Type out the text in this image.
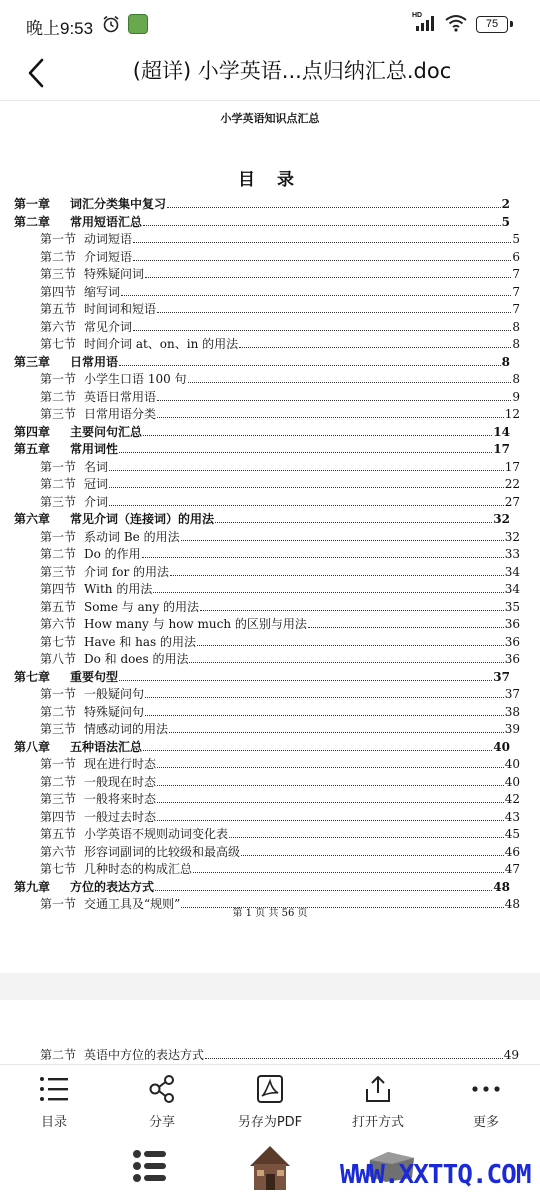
晚上9:53
HD
75
(超详) 小学英语...点归纳汇总.doc
小学英语知识点汇总
目 录
第一章 词汇分类集中复习	2
第二章 常用短语汇总	5
第一节 动词短语	5
第二节 介词短语	6
第三节 特殊疑问词	7
第四节 缩写词	7
第五节 时间词和短语	7
第六节 常见介词	8
第七节 时间介词 at、on、in 的用法	8
第三章 日常用语	8
第一节 小学生口语 100 句	8
第二节 英语日常用语	9
第三节 日常用语分类	12
第四章 主要问句汇总	14
第五章 常用词性	17
第一节 名词	17
第二节 冠词	22
第三节 介词	27
第六章 常见介词（连接词）的用法	32
第一节 系动词 Be 的用法	32
第二节 Do 的作用	33
第三节 介词 for 的用法	34
第四节 With 的用法	34
第五节 Some 与 any 的用法	35
第六节 How many 与 how much 的区别与用法	36
第七节 Have 和 has 的用法	36
第八节 Do 和 does 的用法	36
第七章 重要句型	37
第一节 一般疑问句	37
第二节 特殊疑问句	38
第三节 情感动词的用法	39
第八章 五种语法汇总	40
第一节 现在进行时态	40
第二节 一般现在时态	40
第三节 一般将来时态	42
第四节 一般过去时态	43
第五节 小学英语不规则动词变化表	45
第六节 形容词副词的比较级和最高级	46
第七节 几种时态的构成汇总	47
第九章 方位的表达方式	48
第一节 交通工具及“规则”	48
第 1 页 共 56 页
第二节 英语中方位的表达方式	49
目录	分享	另存为PDF	打开方式	更多
WWW.XXTTQ.COM
